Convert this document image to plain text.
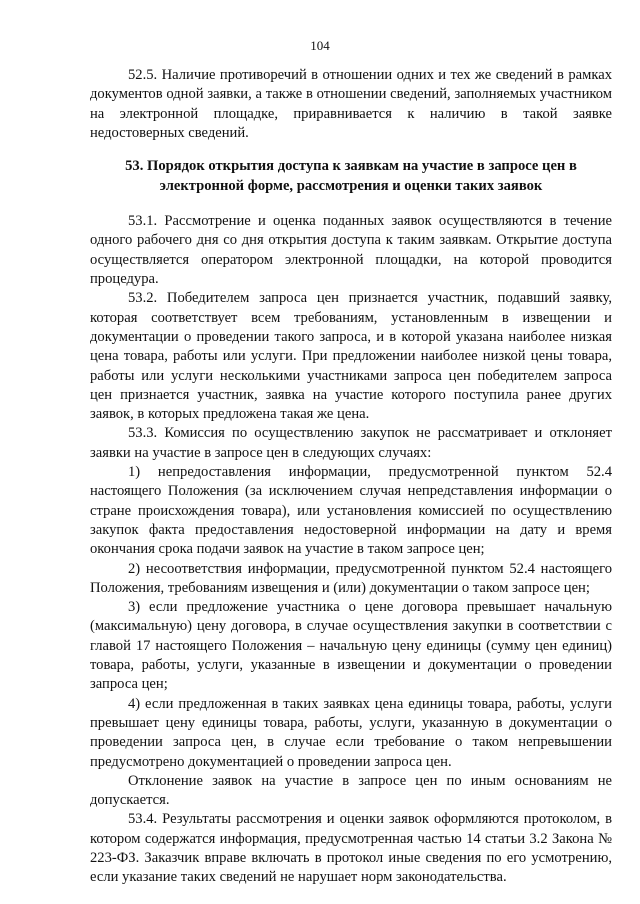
104

52.5. Наличие противоречий в отношении одних и тех же сведений в рамках документов одной заявки, а также в отношении сведений, заполняемых участником на электронной площадке, приравнивается к наличию в такой заявке недостоверных сведений.

53. Порядок открытия доступа к заявкам на участие в запросе цен в электронной форме, рассмотрения и оценки таких заявок

53.1. Рассмотрение и оценка поданных заявок осуществляются в течение одного рабочего дня со дня открытия доступа к таким заявкам. Открытие доступа осуществляется оператором электронной площадки, на которой проводится процедура.

53.2. Победителем запроса цен признается участник, подавший заявку, которая соответствует всем требованиям, установленным в извещении и документации о проведении такого запроса, и в которой указана наиболее низкая цена товара, работы или услуги. При предложении наиболее низкой цены товара, работы или услуги несколькими участниками запроса цен победителем запроса цен признается участник, заявка на участие которого поступила ранее других заявок, в которых предложена такая же цена.

53.3. Комиссия по осуществлению закупок не рассматривает и отклоняет заявки на участие в запросе цен в следующих случаях:

1) непредоставления информации, предусмотренной пунктом 52.4 настоящего Положения (за исключением случая непредставления информации о стране происхождения товара), или установления комиссией по осуществлению закупок факта предоставления недостоверной информации на дату и время окончания срока подачи заявок на участие в таком запросе цен;

2) несоответствия информации, предусмотренной пунктом 52.4 настоящего Положения, требованиям извещения и (или) документации о таком запросе цен;

3) если предложение участника о цене договора превышает начальную (максимальную) цену договора, в случае осуществления закупки в соответствии с главой 17 настоящего Положения – начальную цену единицы (сумму цен единиц) товара, работы, услуги, указанные в извещении и документации о проведении запроса цен;

4) если предложенная в таких заявках цена единицы товара, работы, услуги превышает цену единицы товара, работы, услуги, указанную в документации о проведении запроса цен, в случае если требование о таком непревышении предусмотрено документацией о проведении запроса цен.

Отклонение заявок на участие в запросе цен по иным основаниям не допускается.

53.4. Результаты рассмотрения и оценки заявок оформляются протоколом, в котором содержатся информация, предусмотренная частью 14 статьи 3.2 Закона № 223-ФЗ. Заказчик вправе включать в протокол иные сведения по его усмотрению, если указание таких сведений не нарушает норм законодательства.
